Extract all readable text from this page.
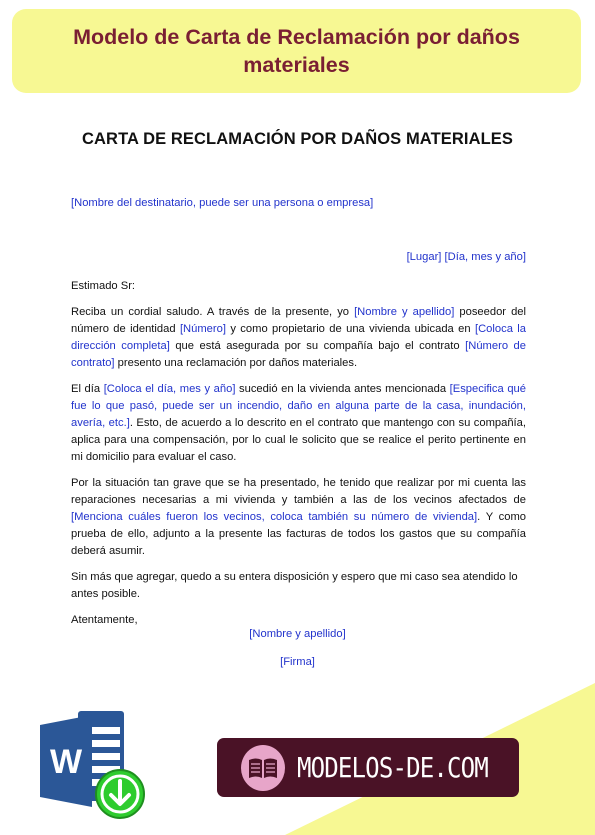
Modelo de Carta de Reclamación por daños materiales
CARTA DE RECLAMACIÓN POR DAÑOS MATERIALES
[Nombre del destinatario, puede ser una persona o empresa]
[Lugar] [Día, mes y año]

Estimado Sr:

Reciba un cordial saludo. A través de la presente, yo [Nombre y apellido] poseedor del número de identidad [Número] y como propietario de una vivienda ubicada en [Coloca la dirección completa] que está asegurada por su compañía bajo el contrato [Número de contrato] presento una reclamación por daños materiales.

El día [Coloca el día, mes y año] sucedió en la vivienda antes mencionada [Especifica qué fue lo que pasó, puede ser un incendio, daño en alguna parte de la casa, inundación, avería, etc.]. Esto, de acuerdo a lo descrito en el contrato que mantengo con su compañía, aplica para una compensación, por lo cual le solicito que se realice el perito pertinente en mi domicilio para evaluar el caso.

Por la situación tan grave que se ha presentado, he tenido que realizar por mi cuenta las reparaciones necesarias a mi vivienda y también a las de los vecinos afectados de [Menciona cuáles fueron los vecinos, coloca también su número de vivienda]. Y como prueba de ello, adjunto a la presente las facturas de todos los gastos que su compañía deberá asumir.

Sin más que agregar, quedo a su entera disposición y espero que mi caso sea atendido lo antes posible.

Atentamente,

[Nombre y apellido]
[Firma]
W	MODELOS-DE.COM
